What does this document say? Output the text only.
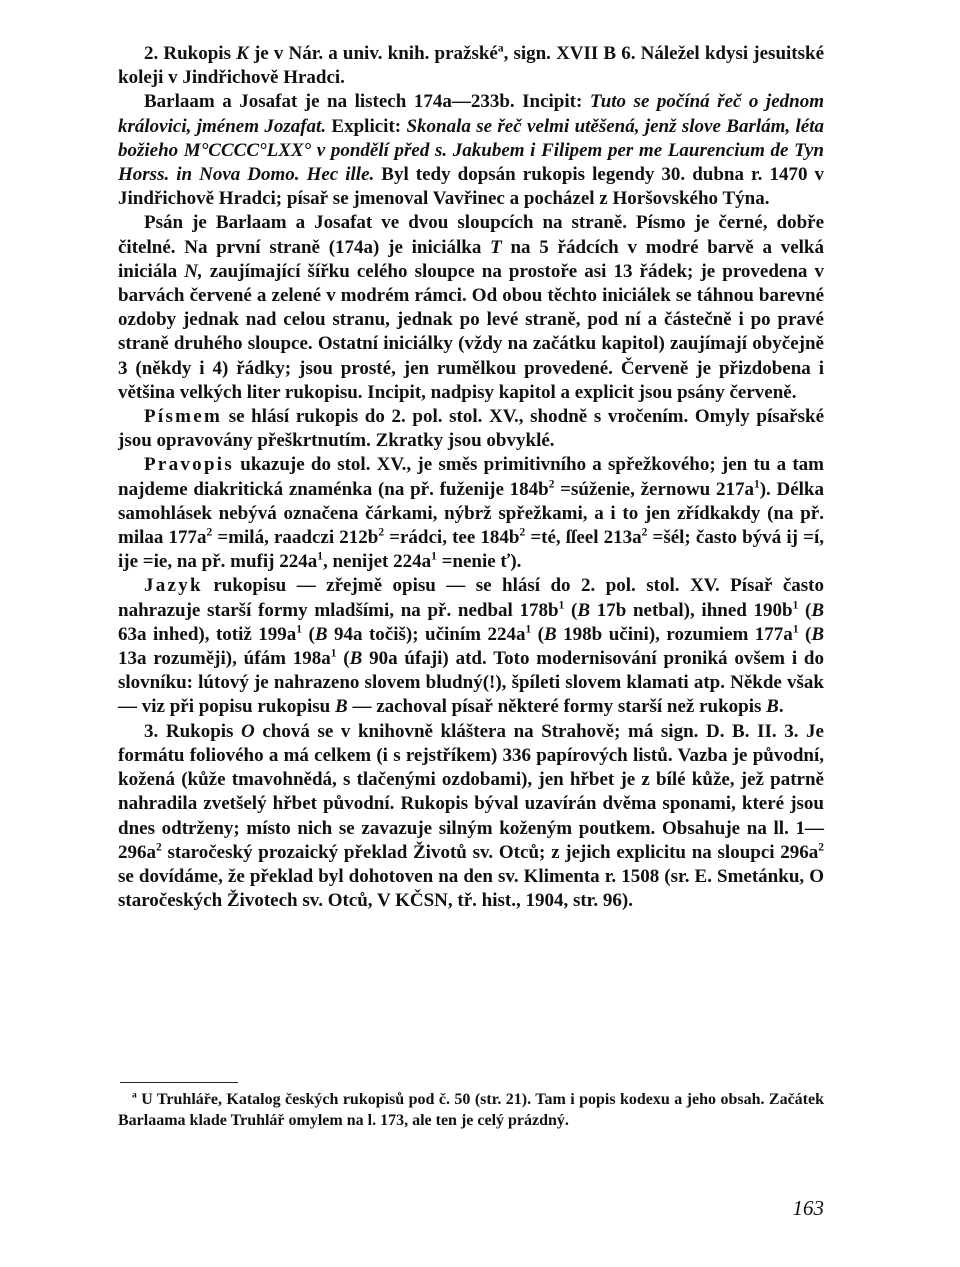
2. Rukopis K je v Nár. a univ. knih. pražské$^a$, sign. XVII B 6. Náležel kdysi jesuitské koleji v Jindřichově Hradci.

Barlaam a Josafat je na listech 174a—233b. Incipit: Tuto se počíná řeč o jednom královici, jménem Jozafat. Explicit: Skonala se řeč velmi utěšená, jenž slove Barlám, léta božieho M°CCCC°LXX° v pondělí před s. Jakubem i Filipem per me Laurencium de Tyn Horss. in Nova Domo. Hec ille. Byl tedy dopsán rukopis legendy 30. dubna r. 1470 v Jindřichově Hradci; písař se jmenoval Vavřinec a pocházel z Horšovského Týna.

Psán je Barlaam a Josafat ve dvou sloupcích na straně. Písmo je černé, dobře čitelné. Na první straně (174a) je iniciálka T na 5 řádcích v modré barvě a velká iniciála N, zaujímající šířku celého sloupce na prostoře asi 13 řádek; je provedena v barvách červené a zelené v modrém rámci. Od obou těchto iniciálek se táhnou barevné ozdoby jednak nad celou stranu, jednak po levé straně, pod ní a částečně i po pravé straně druhého sloupce. Ostatní iniciálky (vždy na začátku kapitol) zaujímají obyčejně 3 (někdy i 4) řádky; jsou prosté, jen rumělkou provedené. Červeně je přizdobena i většina velkých liter rukopisu. Incipit, nadpisy kapitol a explicit jsou psány červeně.

Písmem se hlásí rukopis do 2. pol. stol. XV., shodně s vročením. Omyly písařské jsou opravovány přeškrtnutím. Zkratky jsou obvyklé.

Pravopis ukazuje do stol. XV., je směs primitivního a spřežkového; jen tu a tam najdeme diakritická znaménka (na př. fuženije $184b^2$ =súženie, žernowu $217a^1$). Délka samohlásek nebývá označena čárkami, nýbrž spřežkami, a i to jen zřídkakdy (na př. milaa $177a^2$ =milá, raadczi $212b^2$ =rádci, tee $184b^2$ =té, ſſeel $213a^2$ =šél; často bývá ij =í, ije =ie, na př. mufij $224a^1$, nenijet $224a^1$ =nenie ť).

Jazyk rukopisu — zřejmě opisu — se hlásí do 2. pol. stol. XV. Písař často nahrazuje starší formy mladšími, na př. nedbal $178b^1$ (B 17b netbal), ihned $190b^1$ (B 63a inhed), totiž $199a^1$ (B 94a točiš); učiním $224a^1$ (B 198b učini), rozumiem $177a^1$ (B 13a rozuměji), úfám $198a^1$ (B 90a úfaji) atd. Toto modernisování proniká ovšem i do slovníku: lútový je nahrazeno slovem bludný(!), špíleti slovem klamati atp. Někde však — viz při popisu rukopisu B — zachoval písař některé formy starší než rukopis B.

3. Rukopis O chová se v knihovně kláštera na Strahově; má sign. D. B. II. 3. Je formátu foliového a má celkem (i s rejstříkem) 336 papírových listů. Vazba je původní, kožená (kůže tmavohnědá, s tlačenými ozdobami), jen hřbet je z bílé kůže, jež patrně nahradila zvetšelý hřbet původní. Rukopis býval uzavírán dvěma sponami, které jsou dnes odtrženy; místo nich se zavazuje silným koženým poutkem. Obsahuje na ll. $1—296a^2$ staročeský prozaický překlad Životů sv. Otců; z jejich explicitu na sloupci $296a^2$ se dovídáme, že překlad byl dohotoven na den sv. Klimenta r. 1508 (sr. E. Smetánku, O staročeských Životech sv. Otců, V KČSN, tř. hist., 1904, str. 96).

$^a$ U Truhláře, Katalog českých rukopisů pod č. 50 (str. 21). Tam i popis kodexu a jeho obsah. Začátek Barlaama klade Truhlář omylem na l. 173, ale ten je celý prázdný.

163
